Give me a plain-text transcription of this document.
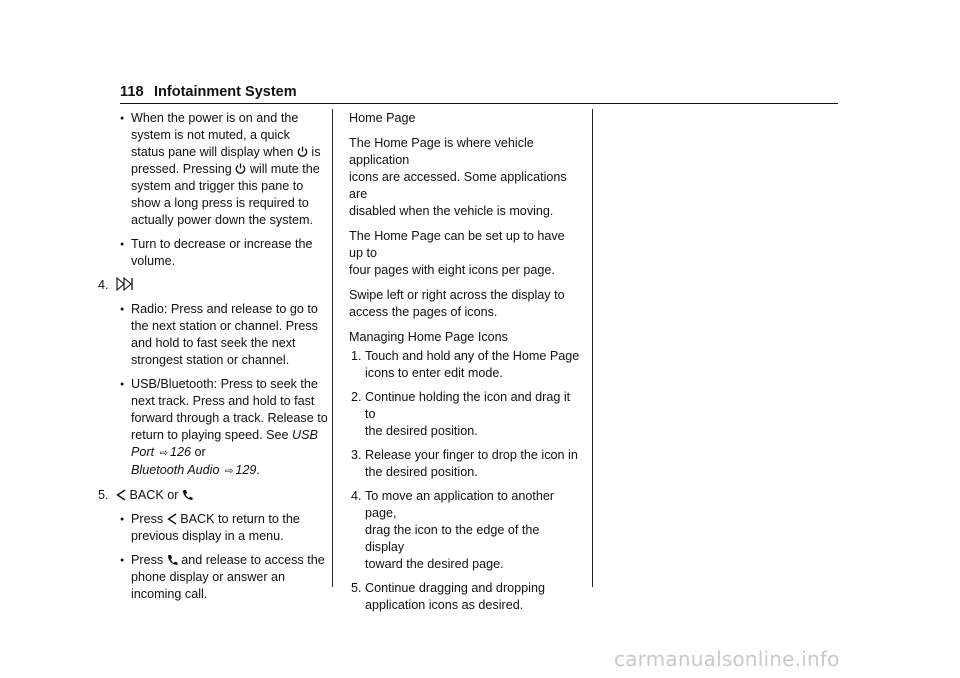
118 Infotainment System
● When the power is on and the
system is not muted, a quick
status pane will display when is
pressed. Pressing will mute the
system and trigger this pane to
show a long press is required to
actually power down the system.
● Turn to decrease or increase the
volume.
4.
● Radio: Press and release to go to
the next station or channel. Press
and hold to fast seek the next
strongest station or channel.
● USB/Bluetooth: Press to seek the
next track. Press and hold to fast
forward through a track. Release to
return to playing speed. See USB
Port ⇨ 126 or
Bluetooth Audio ⇨ 129.
5.	BACK or
● Press BACK to return to the
previous display in a menu.
● Press and release to access the
phone display or answer an
incoming call.
Home Page
The Home Page is where vehicle application
icons are accessed. Some applications are
disabled when the vehicle is moving.
The Home Page can be set up to have up to
four pages with eight icons per page.
Swipe left or right across the display to
access the pages of icons.
Managing Home Page Icons
1. Touch and hold any of the Home Page
icons to enter edit mode.
2. Continue holding the icon and drag it to
the desired position.
3. Release your finger to drop the icon in
the desired position.
4. To move an application to another page,
drag the icon to the edge of the display
toward the desired page.
5. Continue dragging and dropping
application icons as desired.
carmanualsonline.info
